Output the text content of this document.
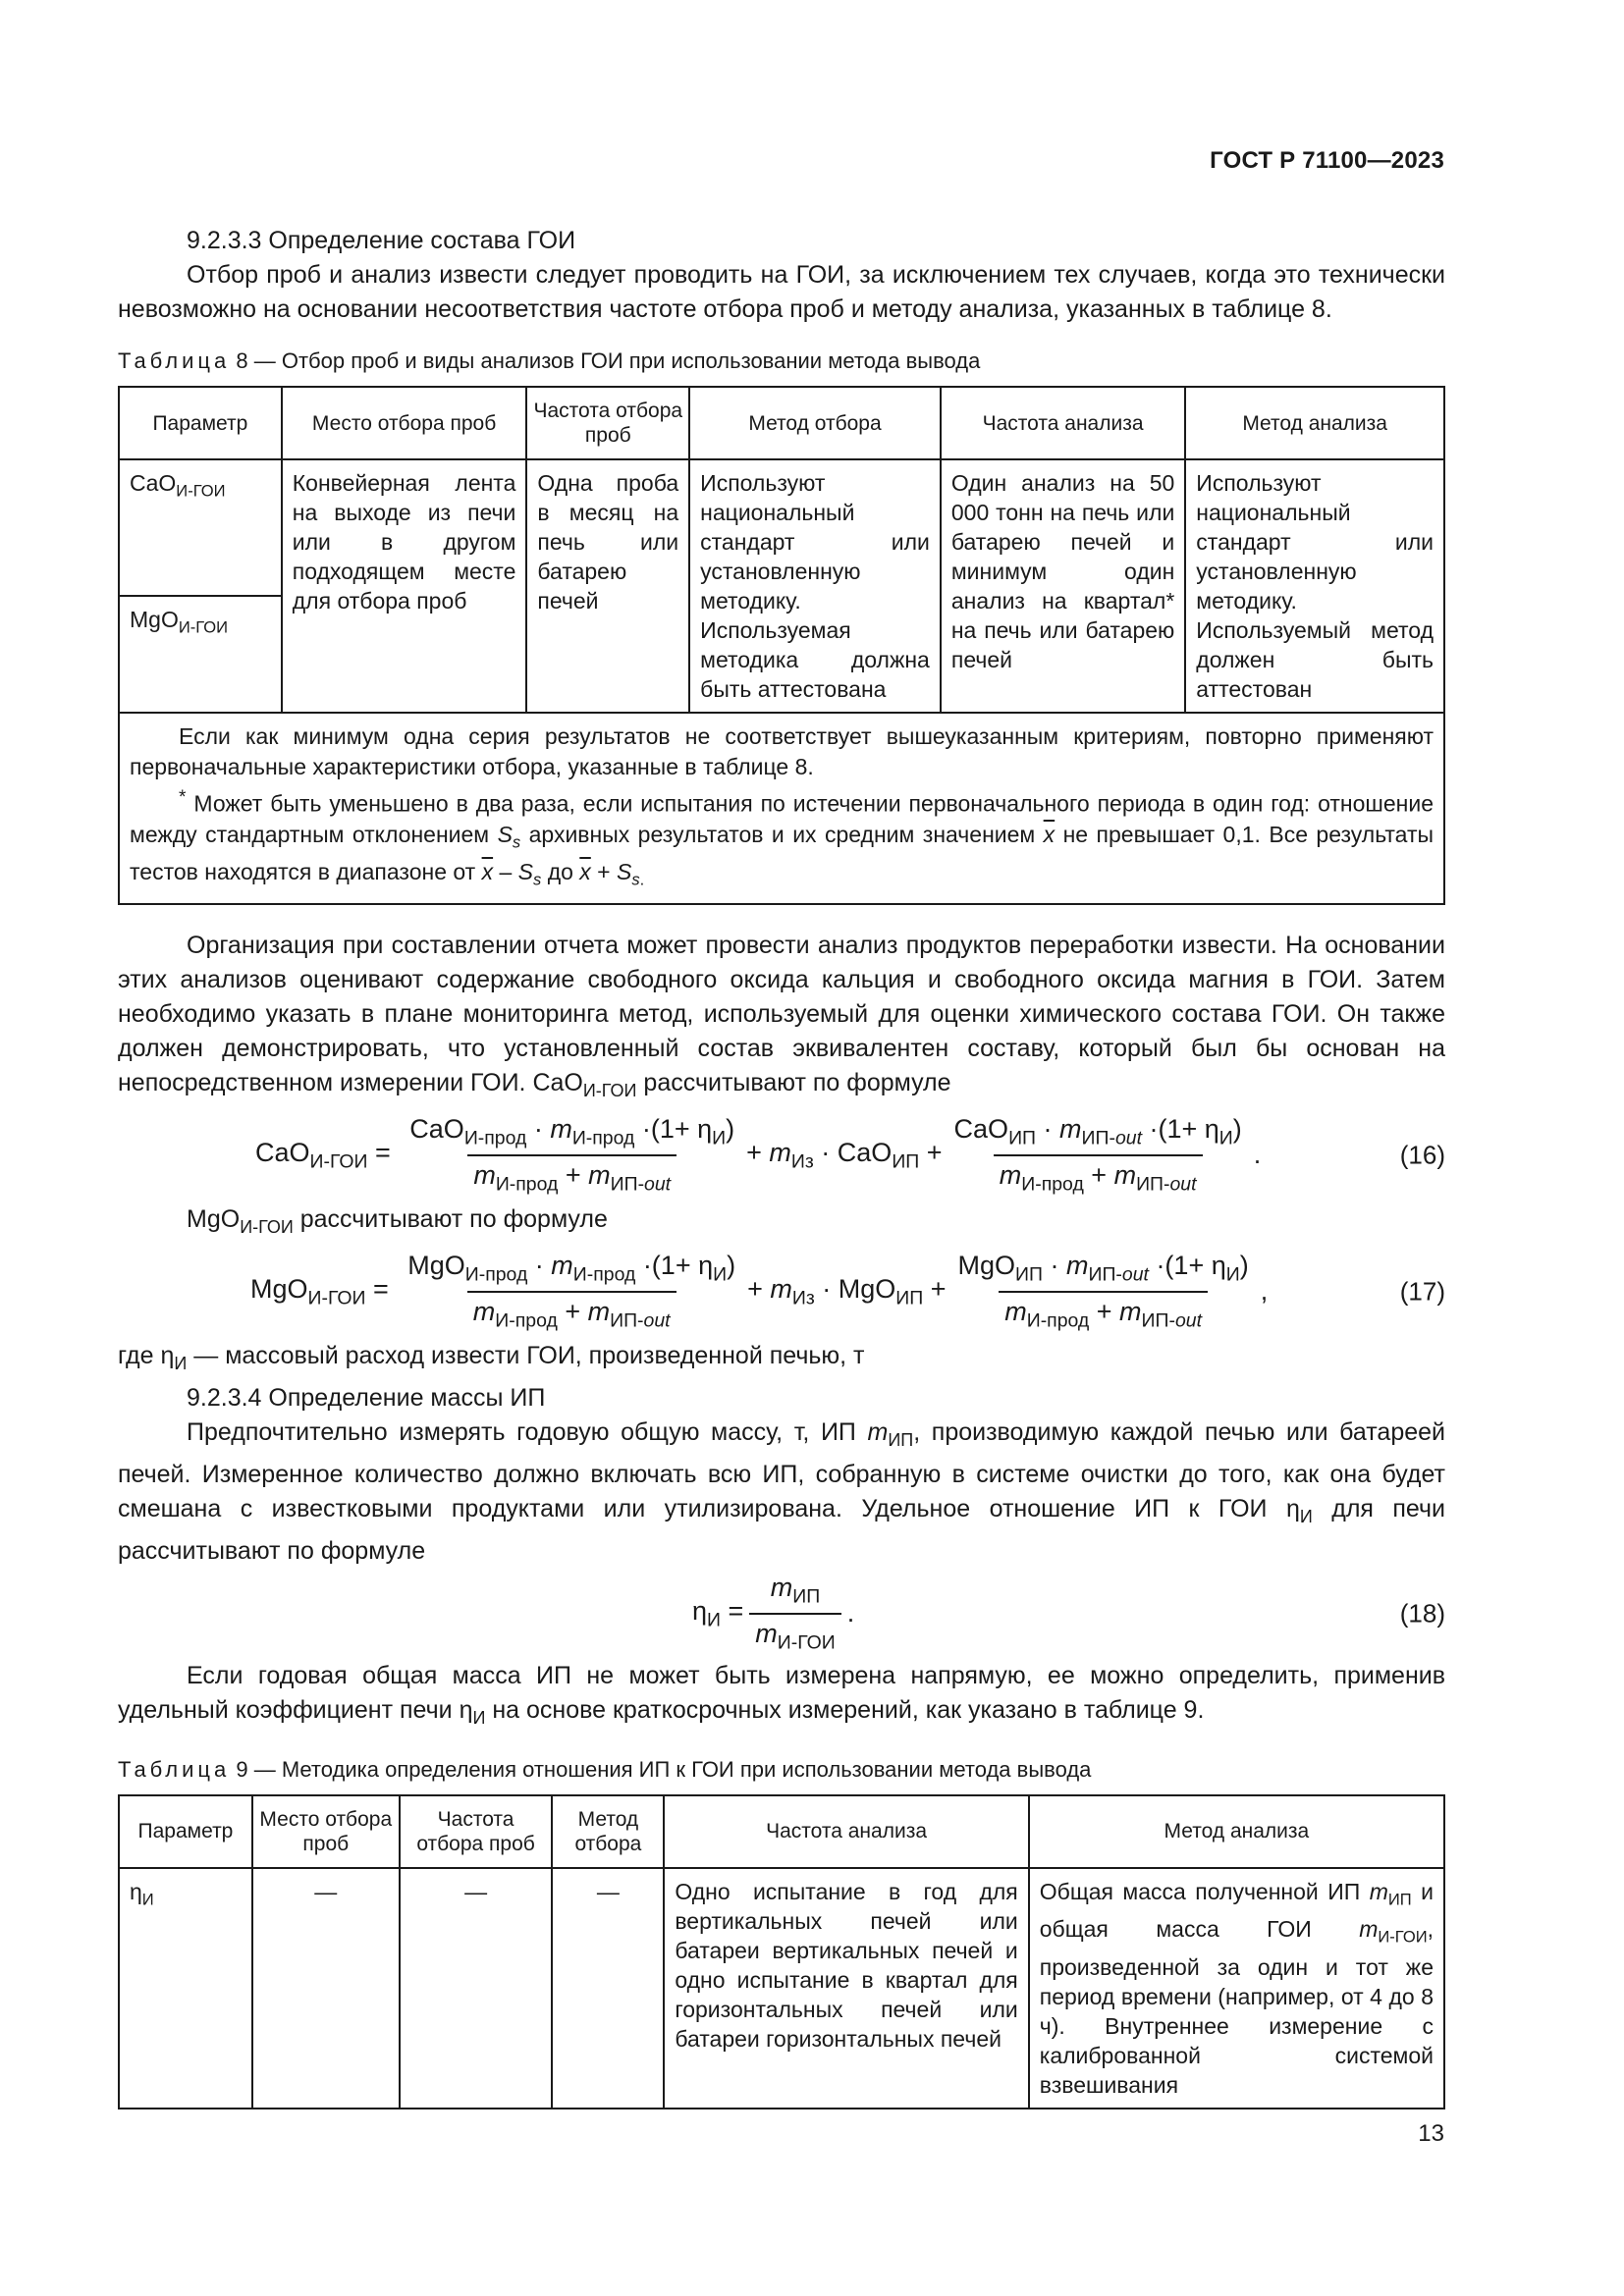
ГОСТ Р 71100—2023

9.2.3.3 Определение состава ГОИ

Отбор проб и анализ извести следует проводить на ГОИ, за исключением тех случаев, когда это технически невозможно на основании несоответствия частоте отбора проб и методу анализа, указанных в таблице 8.

Таблица 8 — Отбор проб и виды анализов ГОИ при использовании метода вывода
Параметр	Место отбора проб	Частота отбора проб	Метод отбора	Частота анализа	Метод анализа
CaO$_{И-ГОИ}$	Конвейерная лента на выходе из печи или в другом подходящем месте для отбора проб	Одна проба в месяц на печь или батарею печей	Используют национальный стандарт или установленную методику. Используемая методика должна быть аттестована	Один анализ на 50 000 тонн на печь или батарею печей и минимум один анализ на квартал* на печь или батарею печей	Используют национальный стандарт или установленную методику. Используемый метод должен быть аттестован
MgO$_{И-ГОИ}$

Если как минимум одна серия результатов не соответствует вышеуказанным критериям, повторно применяют первоначальные характеристики отбора, указанные в таблице 8.
* Может быть уменьшено в два раза, если испытания по истечении первоначального периода в один год: отношение между стандартным отклонением $S_s$ архивных результатов и их средним значением $\overline{x}$ не превышает 0,1. Все результаты тестов находятся в диапазоне от $\overline{x} - S_s$ до $\overline{x} + S_{s.}$

Организация при составлении отчета может провести анализ продуктов переработки извести. На основании этих анализов оценивают содержание свободного оксида кальция и свободного оксида магния в ГОИ. Затем необходимо указать в плане мониторинга метод, используемый для оценки химического состава ГОИ. Он также должен демонстрировать, что установленный состав эквивалентен составу, который был бы основан на непосредственном измерении ГОИ. CaO$_{И-ГОИ}$ рассчитывают по формуле

$CaO_{И-ГОИ} = \frac{CaO_{И-прод} \cdot m_{И-прод} \cdot(1+ \eta_И)}{m_{И-прод} + m_{ИП-out}} + m_{Из} \cdot CaO_{ИП} + \frac{CaO_{ИП} \cdot m_{ИП-out} \cdot(1+ \eta_И)}{m_{И-прод} + m_{ИП-out}}$ .	(16)

MgO$_{И-ГОИ}$ рассчитывают по формуле

$MgO_{И-ГОИ} = \frac{MgO_{И-прод} \cdot m_{И-прод} \cdot(1+ \eta_И)}{m_{И-прод} + m_{ИП-out}} + m_{Из} \cdot MgO_{ИП} + \frac{MgO_{ИП} \cdot m_{ИП-out} \cdot(1+ \eta_И)}{m_{И-прод} + m_{ИП-out}}$ ,	(17)

где $\eta_И$ — массовый расход извести ГОИ, произведенной печью, т

9.2.3.4 Определение массы ИП

Предпочтительно измерять годовую общую массу, т, ИП $m_{ИП}$, производимую каждой печью или батареей печей. Измеренное количество должно включать всю ИП, собранную в системе очистки до того, как она будет смешана с известковыми продуктами или утилизирована. Удельное отношение ИП к ГОИ $\eta_И$ для печи рассчитывают по формуле

$\eta_И = \frac{m_{ИП}}{m_{И-ГОИ}}$ .	(18)

Если годовая общая масса ИП не может быть измерена напрямую, ее можно определить, применив удельный коэффициент печи $\eta_И$ на основе краткосрочных измерений, как указано в таблице 9.

Таблица 9 — Методика определения отношения ИП к ГОИ при использовании метода вывода
Параметр	Место отбора проб	Частота отбора проб	Метод отбора	Частота анализа	Метод анализа
$\eta_И$	—	—	—	Одно испытание в год для вертикальных печей или батареи вертикальных печей и одно испытание в квартал для горизонтальных печей или батареи горизонтальных печей	Общая масса полученной ИП $m_{ИП}$ и общая масса ГОИ $m_{И-ГОИ}$, произведенной за один и тот же период времени (например, от 4 до 8 ч). Внутреннее измерение с калиброванной системой взвешивания
13
